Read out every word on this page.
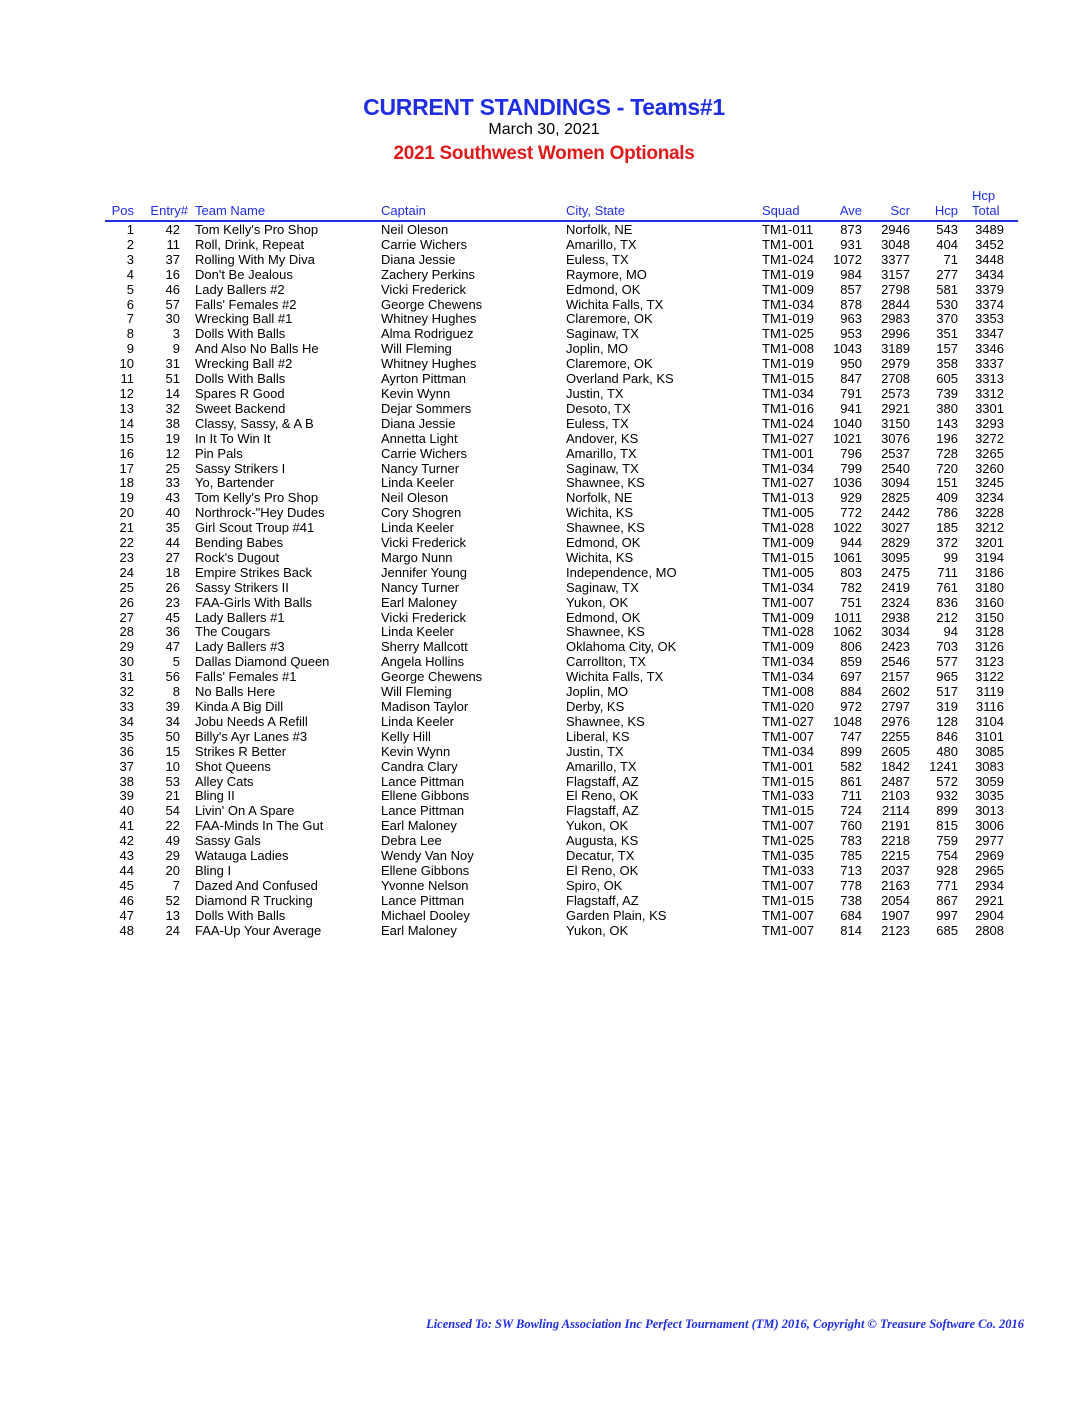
CURRENT STANDINGS - Teams#1
March 30, 2021
2021 Southwest Women Optionals
Pos	Entry# Team Name	Captain	City, State	Squad	Ave	Scr	Hcp
Hcp
Total
1	42 Tom Kelly's Pro Shop	Neil Oleson	Norfolk, NE	TM1-011	873	2946	543	3489
2	11 Roll, Drink, Repeat	Carrie Wichers	Amarillo, TX	TM1-001	931	3048	404	3452
3	37 Rolling With My Diva	Diana Jessie	Euless, TX	TM1-024	1072	3377	71	3448
4	16 Don't Be Jealous	Zachery Perkins	Raymore, MO	TM1-019	984	3157	277	3434
5	46 Lady Ballers #2	Vicki Frederick	Edmond, OK	TM1-009	857	2798	581	3379
6	57 Falls' Females #2	George Chewens	Wichita Falls, TX	TM1-034	878	2844	530	3374
7	30 Wrecking Ball #1	Whitney Hughes	Claremore, OK	TM1-019	963	2983	370	3353
8	3 Dolls With Balls	Alma Rodriguez	Saginaw, TX	TM1-025	953	2996	351	3347
9	9 And Also No Balls He	Will Fleming	Joplin, MO	TM1-008	1043	3189	157	3346
10	31 Wrecking Ball #2	Whitney Hughes	Claremore, OK	TM1-019	950	2979	358	3337
11	51 Dolls With Balls	Ayrton Pittman	Overland Park, KS	TM1-015	847	2708	605	3313
12	14 Spares R Good	Kevin Wynn	Justin, TX	TM1-034	791	2573	739	3312
13	32 Sweet Backend	Dejar Sommers	Desoto, TX	TM1-016	941	2921	380	3301
14	38 Classy, Sassy, & A B	Diana Jessie	Euless, TX	TM1-024	1040	3150	143	3293
15	19 In It To Win It	Annetta Light	Andover, KS	TM1-027	1021	3076	196	3272
16	12 Pin Pals	Carrie Wichers	Amarillo, TX	TM1-001	796	2537	728	3265
17	25 Sassy Strikers I	Nancy Turner	Saginaw, TX	TM1-034	799	2540	720	3260
18	33 Yo, Bartender	Linda Keeler	Shawnee, KS	TM1-027	1036	3094	151	3245
19	43 Tom Kelly's Pro Shop	Neil Oleson	Norfolk, NE	TM1-013	929	2825	409	3234
20	40 Northrock-"Hey Dudes	Cory Shogren	Wichita, KS	TM1-005	772	2442	786	3228
21	35 Girl Scout Troup #41	Linda Keeler	Shawnee, KS	TM1-028	1022	3027	185	3212
22	44 Bending Babes	Vicki Frederick	Edmond, OK	TM1-009	944	2829	372	3201
23	27 Rock's Dugout	Margo Nunn	Wichita, KS	TM1-015	1061	3095	99	3194
24	18 Empire Strikes Back	Jennifer Young	Independence, MO	TM1-005	803	2475	711	3186
25	26 Sassy Strikers II	Nancy Turner	Saginaw, TX	TM1-034	782	2419	761	3180
26	23 FAA-Girls With Balls	Earl Maloney	Yukon, OK	TM1-007	751	2324	836	3160
27	45 Lady Ballers #1	Vicki Frederick	Edmond, OK	TM1-009	1011	2938	212	3150
28	36 The Cougars	Linda Keeler	Shawnee, KS	TM1-028	1062	3034	94	3128
29	47 Lady Ballers #3	Sherry Mallcott	Oklahoma City, OK	TM1-009	806	2423	703	3126
30	5 Dallas Diamond Queen	Angela Hollins	Carrollton, TX	TM1-034	859	2546	577	3123
31	56 Falls' Females #1	George Chewens	Wichita Falls, TX	TM1-034	697	2157	965	3122
32	8 No Balls Here	Will Fleming	Joplin, MO	TM1-008	884	2602	517	3119
33	39 Kinda A Big Dill	Madison Taylor	Derby, KS	TM1-020	972	2797	319	3116
34	34 Jobu Needs A Refill	Linda Keeler	Shawnee, KS	TM1-027	1048	2976	128	3104
35	50 Billy's Ayr Lanes #3	Kelly Hill	Liberal, KS	TM1-007	747	2255	846	3101
36	15 Strikes R Better	Kevin Wynn	Justin, TX	TM1-034	899	2605	480	3085
37	10 Shot Queens	Candra Clary	Amarillo, TX	TM1-001	582	1842	1241	3083
38	53 Alley Cats	Lance Pittman	Flagstaff, AZ	TM1-015	861	2487	572	3059
39	21 Bling II	Ellene Gibbons	El Reno, OK	TM1-033	711	2103	932	3035
40	54 Livin' On A Spare	Lance Pittman	Flagstaff, AZ	TM1-015	724	2114	899	3013
41	22 FAA-Minds In The Gut	Earl Maloney	Yukon, OK	TM1-007	760	2191	815	3006
42	49 Sassy Gals	Debra Lee	Augusta, KS	TM1-025	783	2218	759	2977
43	29 Watauga Ladies	Wendy Van Noy	Decatur, TX	TM1-035	785	2215	754	2969
44	20 Bling I	Ellene Gibbons	El Reno, OK	TM1-033	713	2037	928	2965
45	7 Dazed And Confused	Yvonne Nelson	Spiro, OK	TM1-007	778	2163	771	2934
46	52 Diamond R Trucking	Lance Pittman	Flagstaff, AZ	TM1-015	738	2054	867	2921
47	13 Dolls With Balls	Michael Dooley	Garden Plain, KS	TM1-007	684	1907	997	2904
48	24 FAA-Up Your Average	Earl Maloney	Yukon, OK	TM1-007	814	2123	685	2808
Licensed To: SW Bowling Association Inc Perfect Tournament (TM) 2016, Copyright © Treasure Software Co. 2016
